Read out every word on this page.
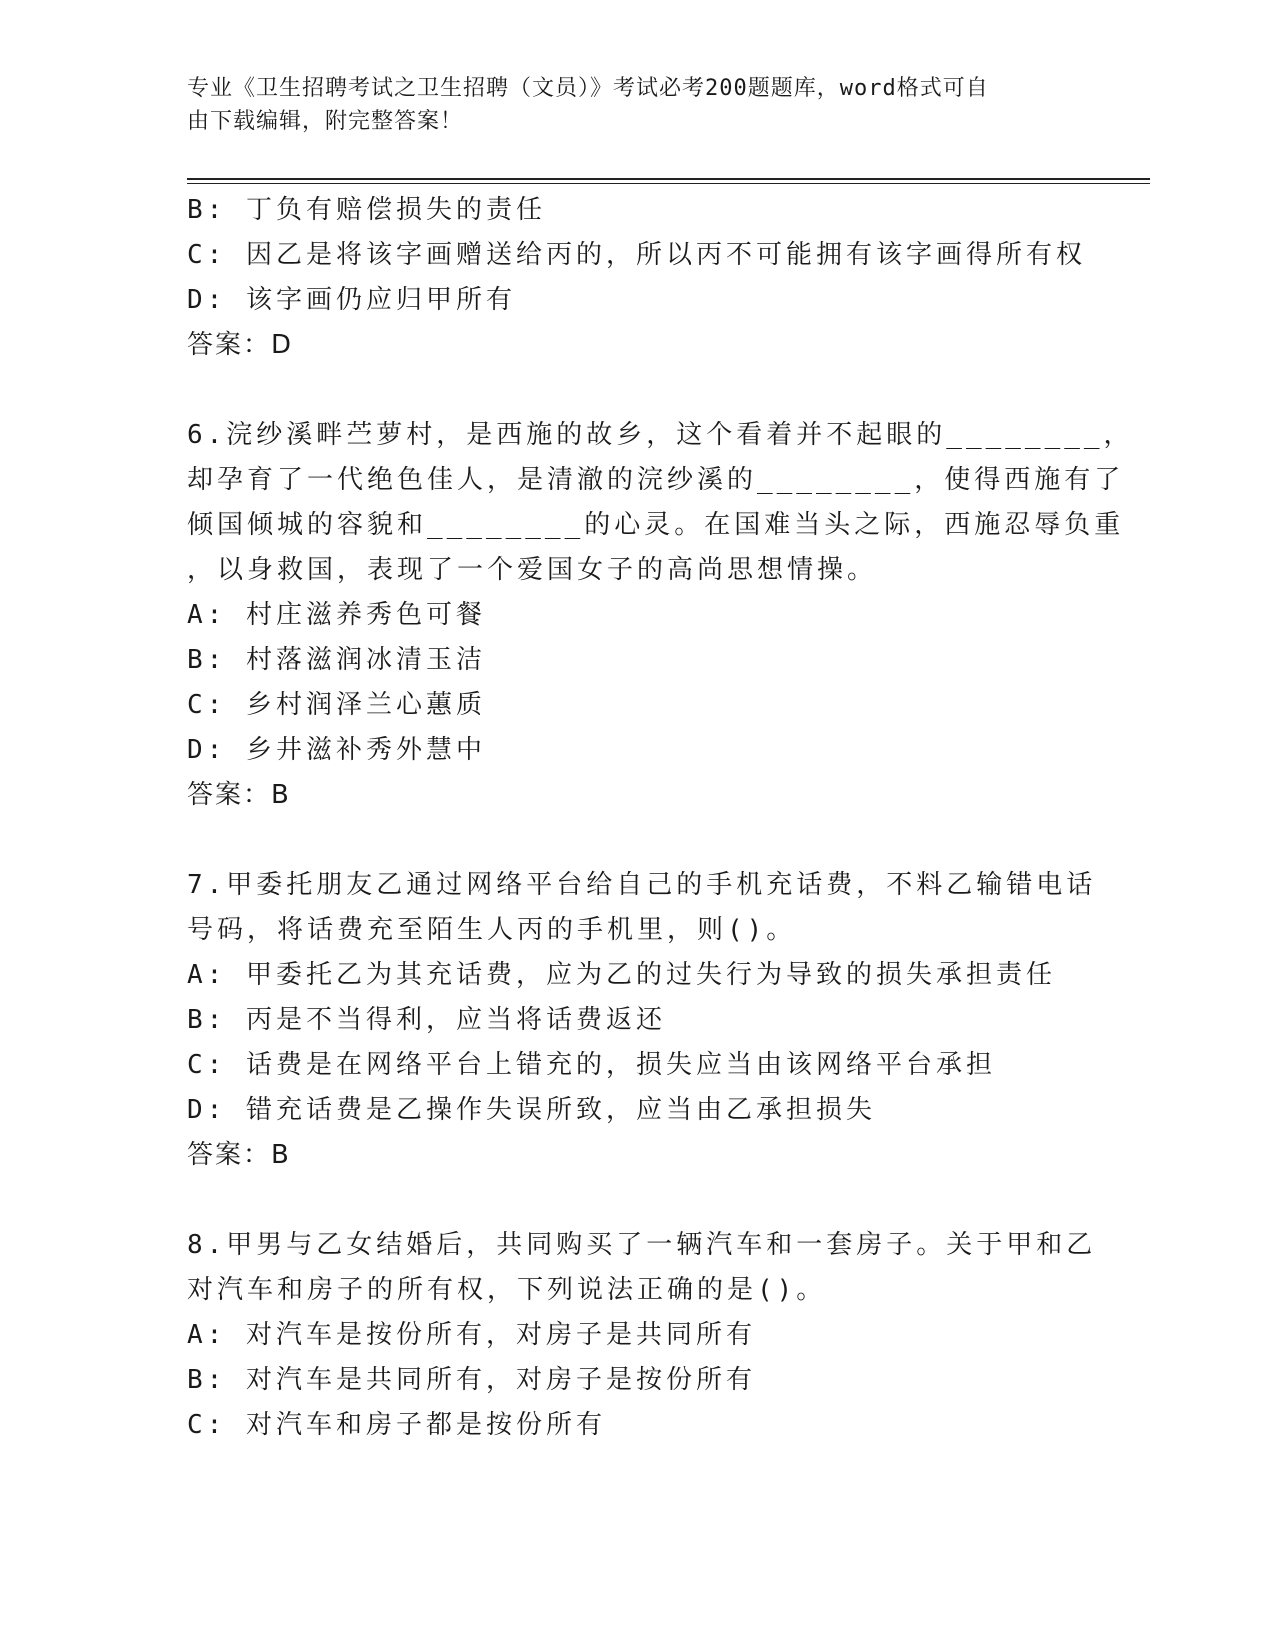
专业《卫生招聘考试之卫生招聘（文员）》考试必考200题题库，word格式可自
由下载编辑，附完整答案！
B: 丁负有赔偿损失的责任
C: 因乙是将该字画赠送给丙的，所以丙不可能拥有该字画得所有权
D: 该字画仍应归甲所有
答案：D
6.浣纱溪畔苎萝村，是西施的故乡，这个看着并不起眼的________，
却孕育了一代绝色佳人，是清澈的浣纱溪的________，使得西施有了
倾国倾城的容貌和________的心灵。在国难当头之际，西施忍辱负重
，以身救国，表现了一个爱国女子的高尚思想情操。
A: 村庄滋养秀色可餐
B: 村落滋润冰清玉洁
C: 乡村润泽兰心蕙质
D: 乡井滋补秀外慧中
答案：B
7.甲委托朋友乙通过网络平台给自己的手机充话费，不料乙输错电话
号码，将话费充至陌生人丙的手机里，则()。
A: 甲委托乙为其充话费，应为乙的过失行为导致的损失承担责任
B: 丙是不当得利，应当将话费返还
C: 话费是在网络平台上错充的，损失应当由该网络平台承担
D: 错充话费是乙操作失误所致，应当由乙承担损失
答案：B
8.甲男与乙女结婚后，共同购买了一辆汽车和一套房子。关于甲和乙
对汽车和房子的所有权，下列说法正确的是()。
A: 对汽车是按份所有，对房子是共同所有
B: 对汽车是共同所有，对房子是按份所有
C: 对汽车和房子都是按份所有
